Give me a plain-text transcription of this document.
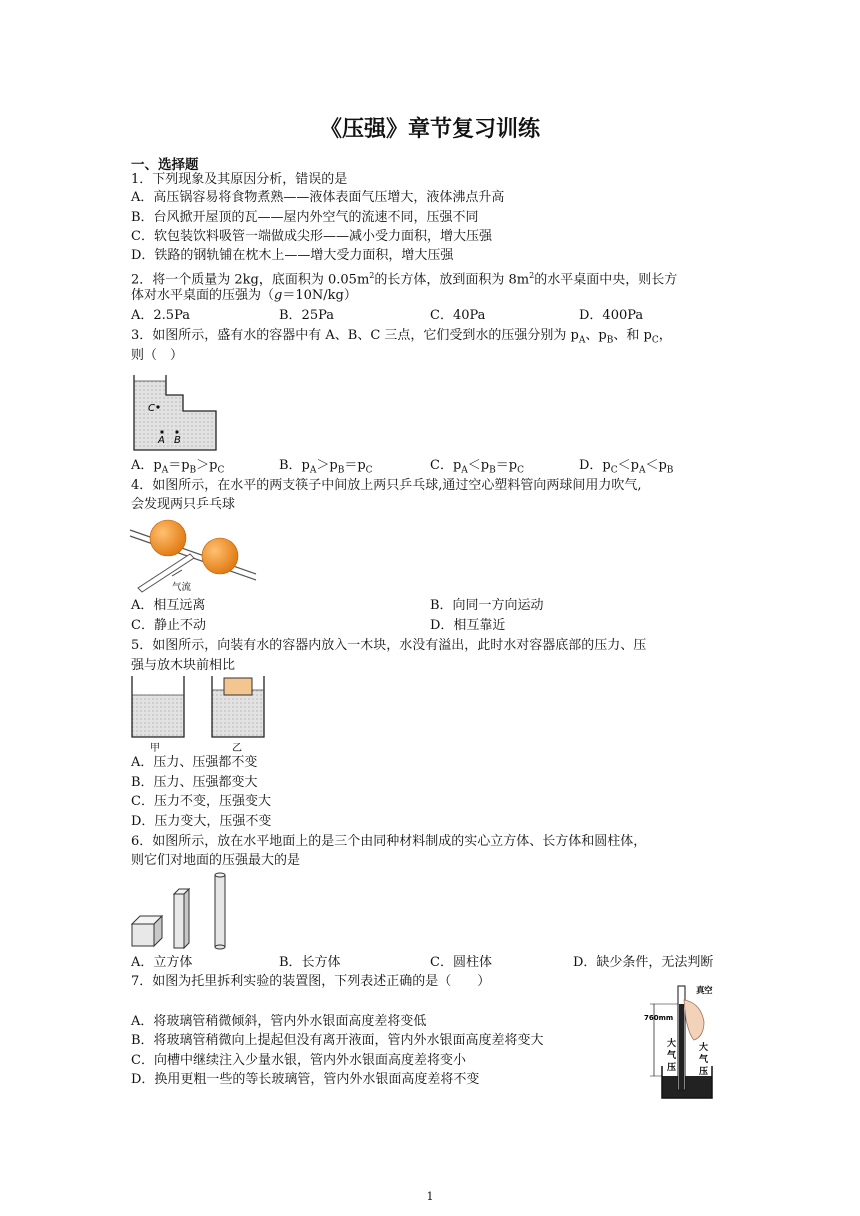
《压强》章节复习训练
一、选择题
1．下列现象及其原因分析，错误的是
A．高压锅容易将食物煮熟——液体表面气压增大，液体沸点升高
B．台风掀开屋顶的瓦——屋内外空气的流速不同，压强不同
C．软包装饮料吸管一端做成尖形——减小受力面积，增大压强
D．铁路的钢轨铺在枕木上——增大受力面积，增大压强
2．将一个质量为 2kg，底面积为 $0.05m^2$的长方体，放到面积为 $8m^2$的水平桌面中央，则长方
体对水平桌面的压强为（g＝10N/kg）
A．2.5Pa	B．25Pa	C．40Pa	D．400Pa
3．如图所示，盛有水的容器中有 A、B、C 三点，它们受到水的压强分别为 $p_A$、$p_B$、和 $p_C$，
则（　）
C
A B
A．$p_A=p_B>p_C$	B．$p_A>p_B=p_C$	C．$p_A<p_B=p_C$	D．$p_C<p_A<p_B$
4．如图所示，在水平的两支筷子中间放上两只乒乓球,通过空心塑料管向两球间用力吹气,
会发现两只乒乓球
气流
A．相互远离	B．向同一方向运动
C．静止不动	D．相互靠近
5．如图所示，向装有水的容器内放入一木块，水没有溢出，此时水对容器底部的压力、压
强与放木块前相比
甲	乙
A．压力、压强都不变
B．压力、压强都变大
C．压力不变，压强变大
D．压力变大，压强不变
6．如图所示，放在水平地面上的是三个由同种材料制成的实心立方体、长方体和圆柱体，
则它们对地面的压强最大的是
A．立方体	B．长方体	C．圆柱体	D．缺少条件，无法判断
7．如图为托里拆利实验的装置图，下列表述正确的是（　　）
A．将玻璃管稍微倾斜，管内外水银面高度差将变低
B．将玻璃管稍微向上提起但没有离开液面，管内外水银面高度差将变大
C．向槽中继续注入少量水银，管内外水银面高度差将变小
D．换用更粗一些的等长玻璃管，管内外水银面高度差将不变
760mm
真 空
大
气
压
大
气
压
1
